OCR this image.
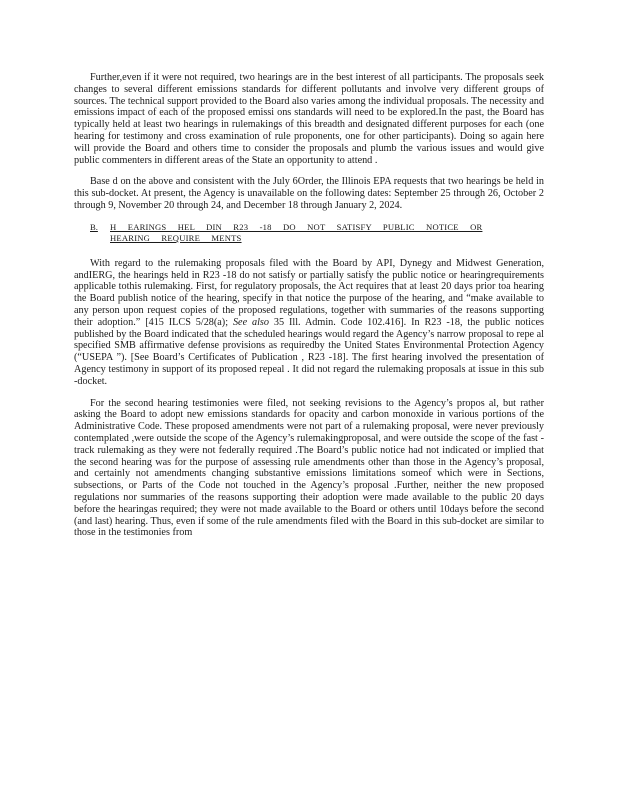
Further,even if it were not required, two hearings are in the best interest of all participants. The proposals seek changes to several different emissions standards for different pollutants and involve very different groups of sources. The technical support provided to the Board also varies among the individual proposals. The necessity and emissions impact of each of the proposed emissi ons standards will need to be explored.In the past, the Board has typically held at least two hearings in rulemakings of this breadth and designated different purposes for each (one hearing for testimony and cross examination of rule proponents, one for other participants). Doing so again here will provide the Board and others time to consider the proposals and plumb the various issues and would give public commenters in different areas of the State an opportunity to attend .

Base d on the above and consistent with the July 6Order, the Illinois EPA requests that two hearings be held in this sub-docket. At present, the Agency is unavailable on the following dates: September 25 through 26, October 2 through 9, November 20 through 24, and December 18 through January 2, 2024.

B.	H EARINGS HEL DIN R23 -18 DO NOT SATISFY PUBLIC NOTICE OR HEARING REQUIRE MENTS

With regard to the rulemaking proposals filed with the Board by API, Dynegy and Midwest Generation, andIERG, the hearings held in R23 -18 do not satisfy or partially satisfy the public notice or hearingrequirements applicable tothis rulemaking. First, for regulatory proposals, the Act requires that at least 20 days prior toa hearing the Board publish notice of the hearing, specify in that notice the purpose of the hearing, and “make available to any person upon request copies of the proposed regulations, together with summaries of the reasons supporting their adoption.” [415 ILCS 5/28(a); See also 35 Ill. Admin. Code 102.416]. In R23 -18, the public notices published by the Board indicated that the scheduled hearings would regard the Agency’s narrow proposal to repe al specified SMB affirmative defense provisions as requiredby the United States Environmental Protection Agency (“USEPA ”). [See Board’s Certificates of Publication , R23 -18]. The first hearing involved the presentation of Agency testimony in support of its proposed repeal . It did not regard the rulemaking proposals at issue in this sub -docket.

For the second hearing testimonies were filed, not seeking revisions to the Agency’s propos al, but rather asking the Board to adopt new emissions standards for opacity and carbon monoxide in various portions of the Administrative Code. These proposed amendments were not part of a rulemaking proposal, were never previously contemplated ,were outside the scope of the Agency’s rulemakingproposal, and were outside the scope of the fast - track rulemaking as they were not federally required .The Board’s public notice had not indicated or implied that the second hearing was for the purpose of assessing rule amendments other than those in the Agency’s proposal, and certainly not amendments changing substantive emissions limitations someof which were in Sections, subsections, or Parts of the Code not touched in the Agency’s proposal .Further, neither the new proposed regulations nor summaries of the reasons supporting their adoption were made available to the public 20 days before the hearingas required; they were not made available to the Board or others until 10days before the second (and last) hearing. Thus, even if some of the rule amendments filed with the Board in this sub-docket are similar to those in the testimonies from
